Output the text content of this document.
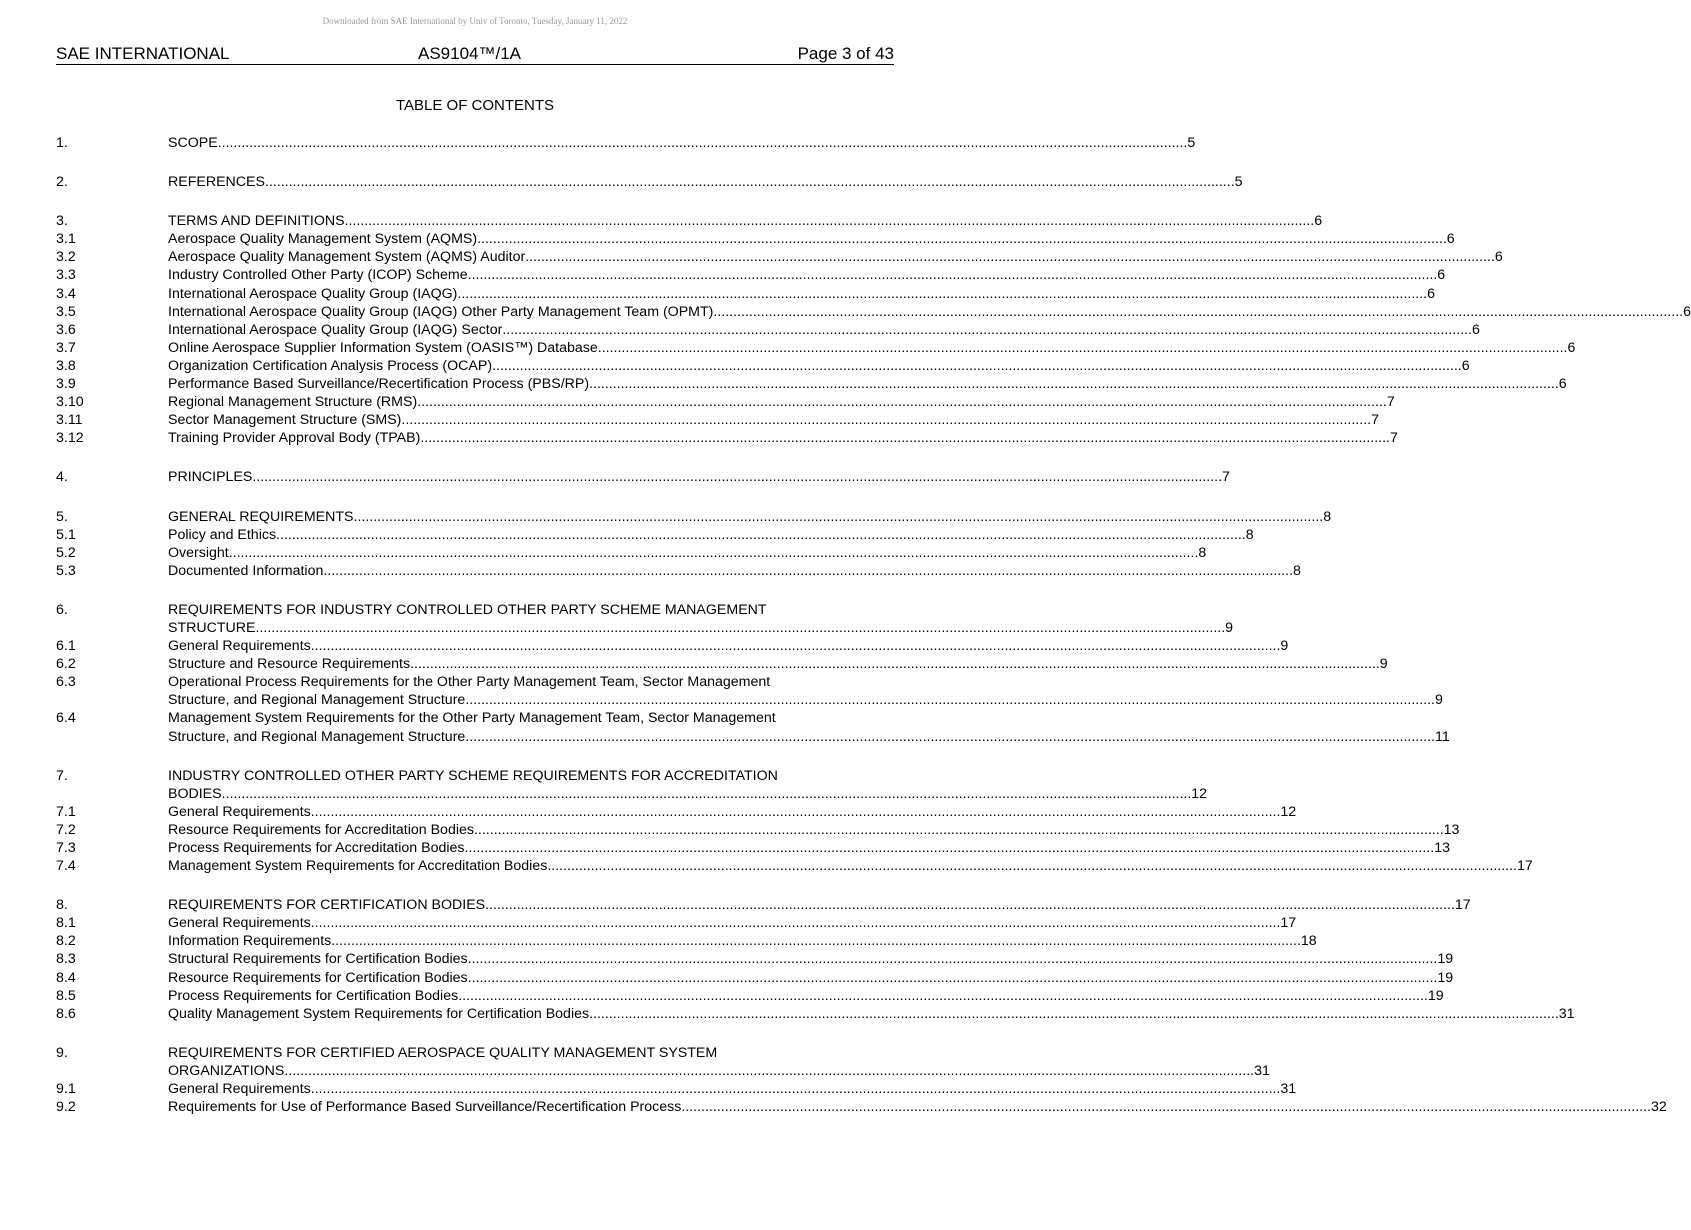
Downloaded from SAE International by Univ of Toronto, Tuesday, January 11, 2022
SAE INTERNATIONAL	AS9104™/1A	Page 3 of 43
TABLE OF CONTENTS
1.	SCOPE .....	5
2.	REFERENCES .....	5
3.	TERMS AND DEFINITIONS .....	6
3.1	Aerospace Quality Management System (AQMS) .....	6
3.2	Aerospace Quality Management System (AQMS) Auditor .....	6
3.3	Industry Controlled Other Party (ICOP) Scheme .....	6
3.4	International Aerospace Quality Group (IAQG) .....	6
3.5	International Aerospace Quality Group (IAQG) Other Party Management Team (OPMT) .....	6
3.6	International Aerospace Quality Group (IAQG) Sector .....	6
3.7	Online Aerospace Supplier Information System (OASIS™) Database .....	6
3.8	Organization Certification Analysis Process (OCAP) .....	6
3.9	Performance Based Surveillance/Recertification Process (PBS/RP) .....	6
3.10	Regional Management Structure (RMS) .....	7
3.11	Sector Management Structure (SMS) .....	7
3.12	Training Provider Approval Body (TPAB) .....	7
4.	PRINCIPLES .....	7
5.	GENERAL REQUIREMENTS .....	8
5.1	Policy and Ethics .....	8
5.2	Oversight .....	8
5.3	Documented Information .....	8
6.	REQUIREMENTS FOR INDUSTRY CONTROLLED OTHER PARTY SCHEME MANAGEMENT
STRUCTURE .....	9
6.1	General Requirements .....	9
6.2	Structure and Resource Requirements .....	9
6.3	Operational Process Requirements for the Other Party Management Team, Sector Management
Structure, and Regional Management Structure .....	9
6.4	Management System Requirements for the Other Party Management Team, Sector Management
Structure, and Regional Management Structure .....	11
7.	INDUSTRY CONTROLLED OTHER PARTY SCHEME REQUIREMENTS FOR ACCREDITATION
BODIES .....	12
7.1	General Requirements .....	12
7.2	Resource Requirements for Accreditation Bodies .....	13
7.3	Process Requirements for Accreditation Bodies .....	13
7.4	Management System Requirements for Accreditation Bodies .....	17
8.	REQUIREMENTS FOR CERTIFICATION BODIES .....	17
8.1	General Requirements .....	17
8.2	Information Requirements .....	18
8.3	Structural Requirements for Certification Bodies .....	19
8.4	Resource Requirements for Certification Bodies .....	19
8.5	Process Requirements for Certification Bodies .....	19
8.6	Quality Management System Requirements for Certification Bodies .....	31
9.	REQUIREMENTS FOR CERTIFIED AEROSPACE QUALITY MANAGEMENT SYSTEM
ORGANIZATIONS .....	31
9.1	General Requirements .....	31
9.2	Requirements for Use of Performance Based Surveillance/Recertification Process .....	32
